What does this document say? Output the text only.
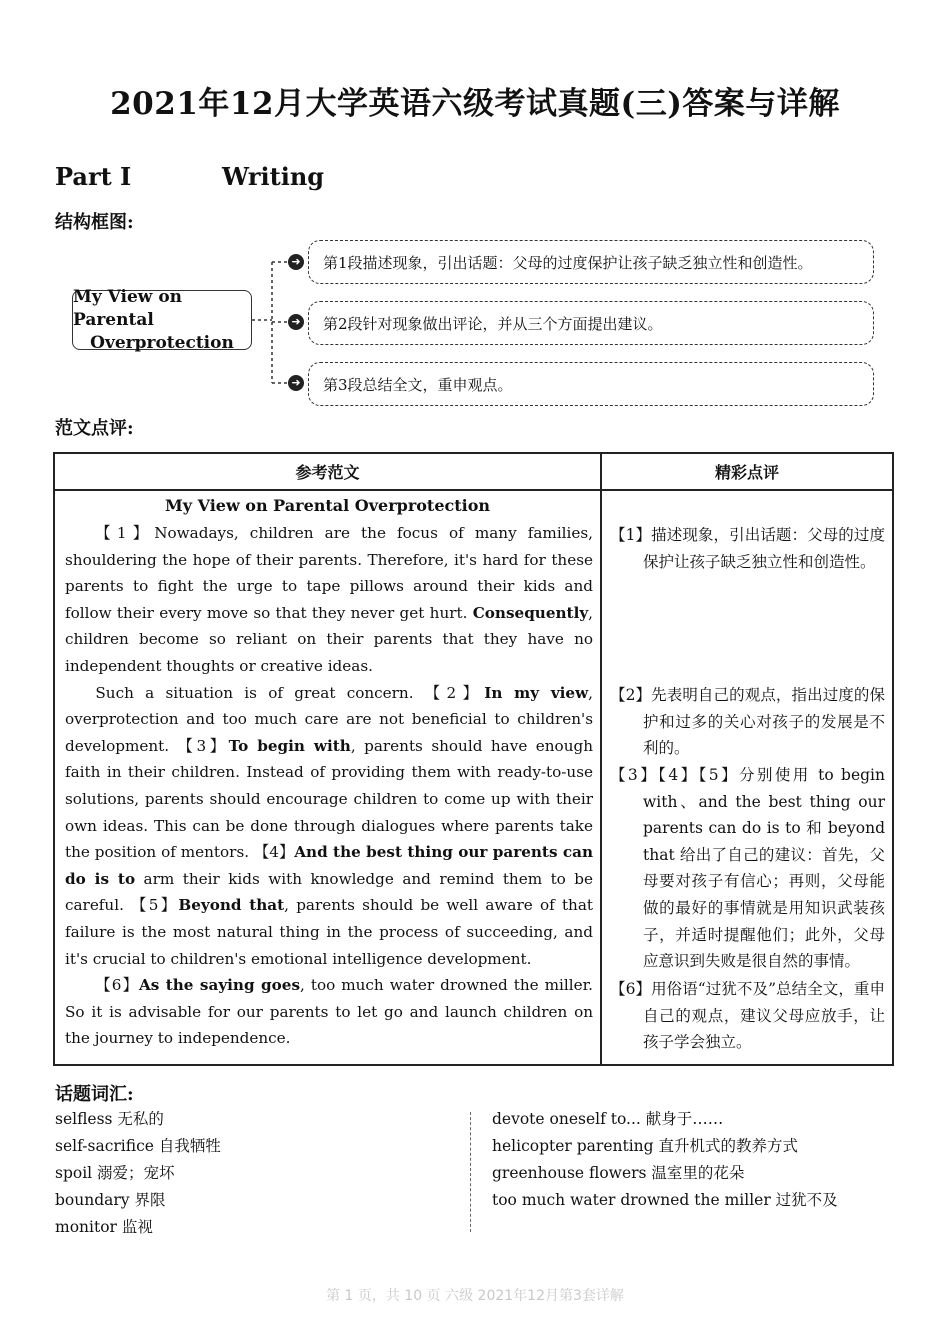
2021年12月大学英语六级考试真题(三)答案与详解
Part Ⅰ	Writing
结构框图:
My View on Parental
Overprotection
➜
➜
➜
第1段描述现象，引出话题：父母的过度保护让孩子缺乏独立性和创造性。
第2段针对现象做出评论，并从三个方面提出建议。
第3段总结全文，重申观点。
范文点评:
参考范文	精彩点评
My View on Parental Overprotection

【1】Nowadays, children are the focus of many families, shouldering the hope of their parents. Therefore, it's hard for these parents to fight the urge to tape pillows around their kids and follow their every move so that they never get hurt. Consequently, children become so reliant on their parents that they have no independent thoughts or creative ideas.

Such a situation is of great concern. 【2】In my view, overprotection and too much care are not beneficial to children's development. 【3】To begin with, parents should have enough faith in their children. Instead of providing them with ready-to-use solutions, parents should encourage children to come up with their own ideas. This can be done through dialogues where parents take the position of mentors. 【4】And the best thing our parents can do is to arm their kids with knowledge and remind them to be careful. 【5】Beyond that, parents should be well aware of that failure is the most natural thing in the process of succeeding, and it's crucial to children's emotional intelligence development.

【6】As the saying goes, too much water drowned the miller. So it is advisable for our parents to let go and launch children on the journey to independence.

【1】描述现象，引出话题：父母的过度保护让孩子缺乏独立性和创造性。
【2】先表明自己的观点，指出过度的保护和过多的关心对孩子的发展是不利的。
【3】【4】【5】分别使用 to begin with、and the best thing our parents can do is to 和 beyond that 给出了自己的建议：首先，父母要对孩子有信心；再则，父母能做的最好的事情就是用知识武装孩子，并适时提醒他们；此外，父母应意识到失败是很自然的事情。
【6】用俗语“过犹不及”总结全文，重申自己的观点，建议父母应放手，让孩子学会独立。
话题词汇:
selfless 无私的
self-sacrifice 自我牺牲
spoil 溺爱；宠坏
boundary 界限
monitor 监视
devote oneself to... 献身于……
helicopter parenting 直升机式的教养方式
greenhouse flowers 温室里的花朵
too much water drowned the miller 过犹不及
第 1 页，共 10 页 六级 2021年12月第3套详解
